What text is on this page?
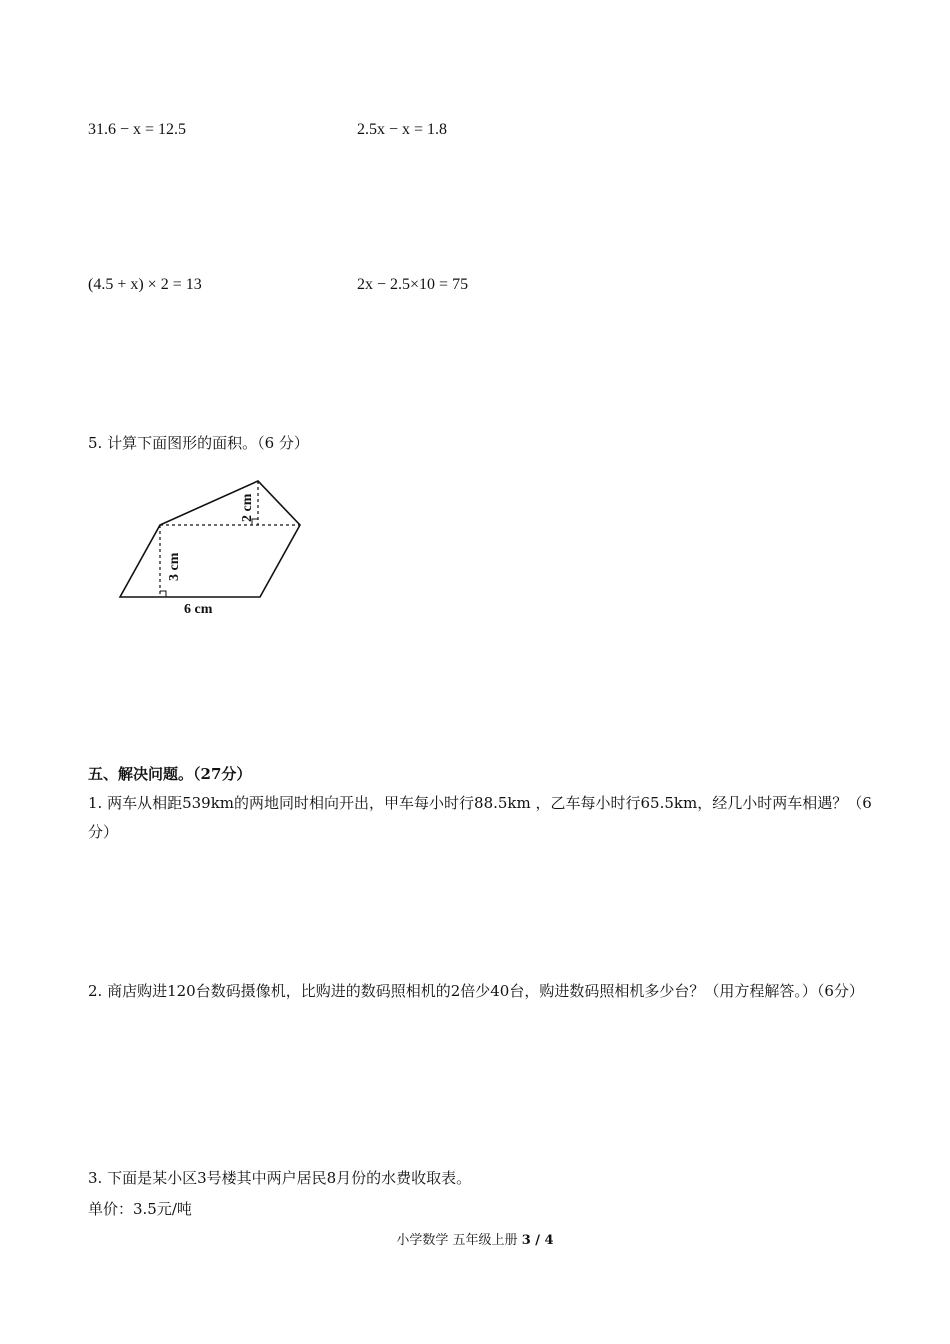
31.6 − x = 12.5	2.5x − x = 1.8
(4.5 + x) × 2 = 13	2x − 2.5×10 = 75
5. 计算下面图形的面积。（6 分）
2 cm
3 cm
6 cm
五、解决问题。（27分）
1. 两车从相距539km的两地同时相向开出，甲车每小时行88.5km ，乙车每小时行65.5km，经几小时两车相遇？（6分）
2. 商店购进120台数码摄像机，比购进的数码照相机的2倍少40台，购进数码照相机多少台？（用方程解答。）（6分）
3. 下面是某小区3号楼其中两户居民8月份的水费收取表。
单价：3.5元/吨
小学数学 五年级上册 3 / 4
